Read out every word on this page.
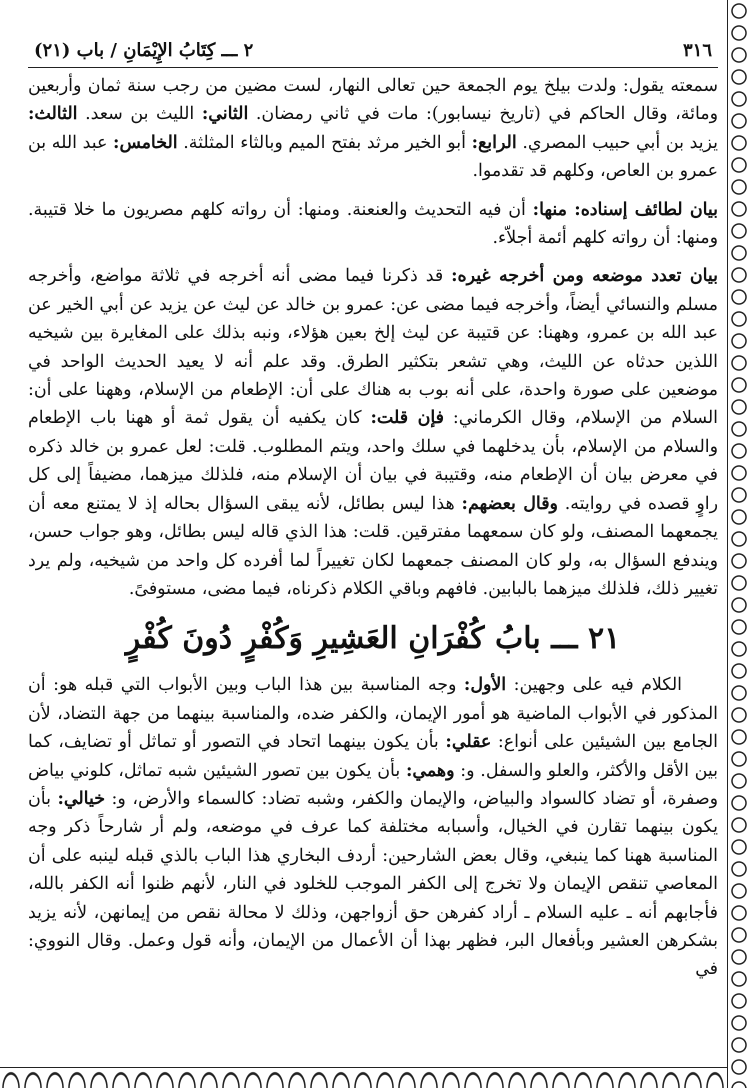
٣١٦
٢ ـــ كِتَابُ الإِيْمَانِ / باب (٢١)

سمعته يقول: ولدت بيلخ يوم الجمعة حين تعالى النهار، لست مضين من رجب سنة ثمان وأربعين ومائة، وقال الحاكم في (تاريخ نيسابور): مات في ثاني رمضان. الثاني: الليث بن سعد. الثالث: يزيد بن أبي حبيب المصري. الرابع: أبو الخير مرثد بفتح الميم وبالثاء المثلثة. الخامس: عبد الله بن عمرو بن العاص، وكلهم قد تقدموا.

بيان لطائف إسناده: منها: أن فيه التحديث والعنعنة. ومنها: أن رواته كلهم مصريون ما خلا قتيبة. ومنها: أن رواته كلهم أئمة أجلاّء.

بيان تعدد موضعه ومن أخرجه غيره: قد ذكرنا فيما مضى أنه أخرجه في ثلاثة مواضع، وأخرجه مسلم والنسائي أيضاً، وأخرجه فيما مضى عن: عمرو بن خالد عن ليث عن يزيد عن أبي الخير عن عبد الله بن عمرو، وههنا: عن قتيبة عن ليث إلخ بعين هؤلاء، ونبه بذلك على المغايرة بين شيخيه اللذين حدثاه عن الليث، وهي تشعر بتكثير الطرق. وقد علم أنه لا يعيد الحديث الواحد في موضعين على صورة واحدة، على أنه بوب به هناك على أن: الإطعام من الإسلام، وههنا على أن: السلام من الإسلام، وقال الكرماني: فإن قلت: كان يكفيه أن يقول ثمة أو ههنا باب الإطعام والسلام من الإسلام، بأن يدخلهما في سلك واحد، ويتم المطلوب. قلت: لعل عمرو بن خالد ذكره في معرض بيان أن الإطعام منه، وقتيبة في بيان أن الإسلام منه، فلذلك ميزهما، مضيفاً إلى كل راوٍ قصده في روايته. وقال بعضهم: هذا ليس بطائل، لأنه يبقى السؤال بحاله إذ لا يمتنع معه أن يجمعهما المصنف، ولو كان سمعهما مفترقين. قلت: هذا الذي قاله ليس بطائل، وهو جواب حسن، ويندفع السؤال به، ولو كان المصنف جمعهما لكان تغييراً لما أفرده كل واحد من شيخيه، ولم يرد تغيير ذلك، فلذلك ميزهما بالبابين. فافهم وباقي الكلام ذكرناه، فيما مضى، مستوفىً.

٢١ ـــ بابُ كُفْرَانِ العَشِيرِ وَكُفْرٍ دُونَ كُفْرٍ

الكلام فيه على وجهين: الأول: وجه المناسبة بين هذا الباب وبين الأبواب التي قبله هو: أن المذكور في الأبواب الماضية هو أمور الإيمان، والكفر ضده، والمناسبة بينهما من جهة التضاد، لأن الجامع بين الشيئين على أنواع: عقلي: بأن يكون بينهما اتحاد في التصور أو تماثل أو تضايف، كما بين الأقل والأكثر، والعلو والسفل. و: وهمي: بأن يكون بين تصور الشيئين شبه تماثل، كلوني بياض وصفرة، أو تضاد كالسواد والبياض، والإيمان والكفر، وشبه تضاد: كالسماء والأرض، و: خيالي: بأن يكون بينهما تقارن في الخيال، وأسبابه مختلفة كما عرف في موضعه، ولم أر شارحاً ذكر وجه المناسبة ههنا كما ينبغي، وقال بعض الشارحين: أردف البخاري هذا الباب بالذي قبله لينبه على أن المعاصي تنقص الإيمان ولا تخرج إلى الكفر الموجب للخلود في النار، لأنهم ظنوا أنه الكفر بالله، فأجابهم أنه ـ عليه السلام ـ أراد كفرهن حق أزواجهن، وذلك لا محالة نقص من إيمانهن، لأنه يزيد بشكرهن العشير وبأفعال البر، فظهر بهذا أن الأعمال من الإيمان، وأنه قول وعمل. وقال النووي: في
